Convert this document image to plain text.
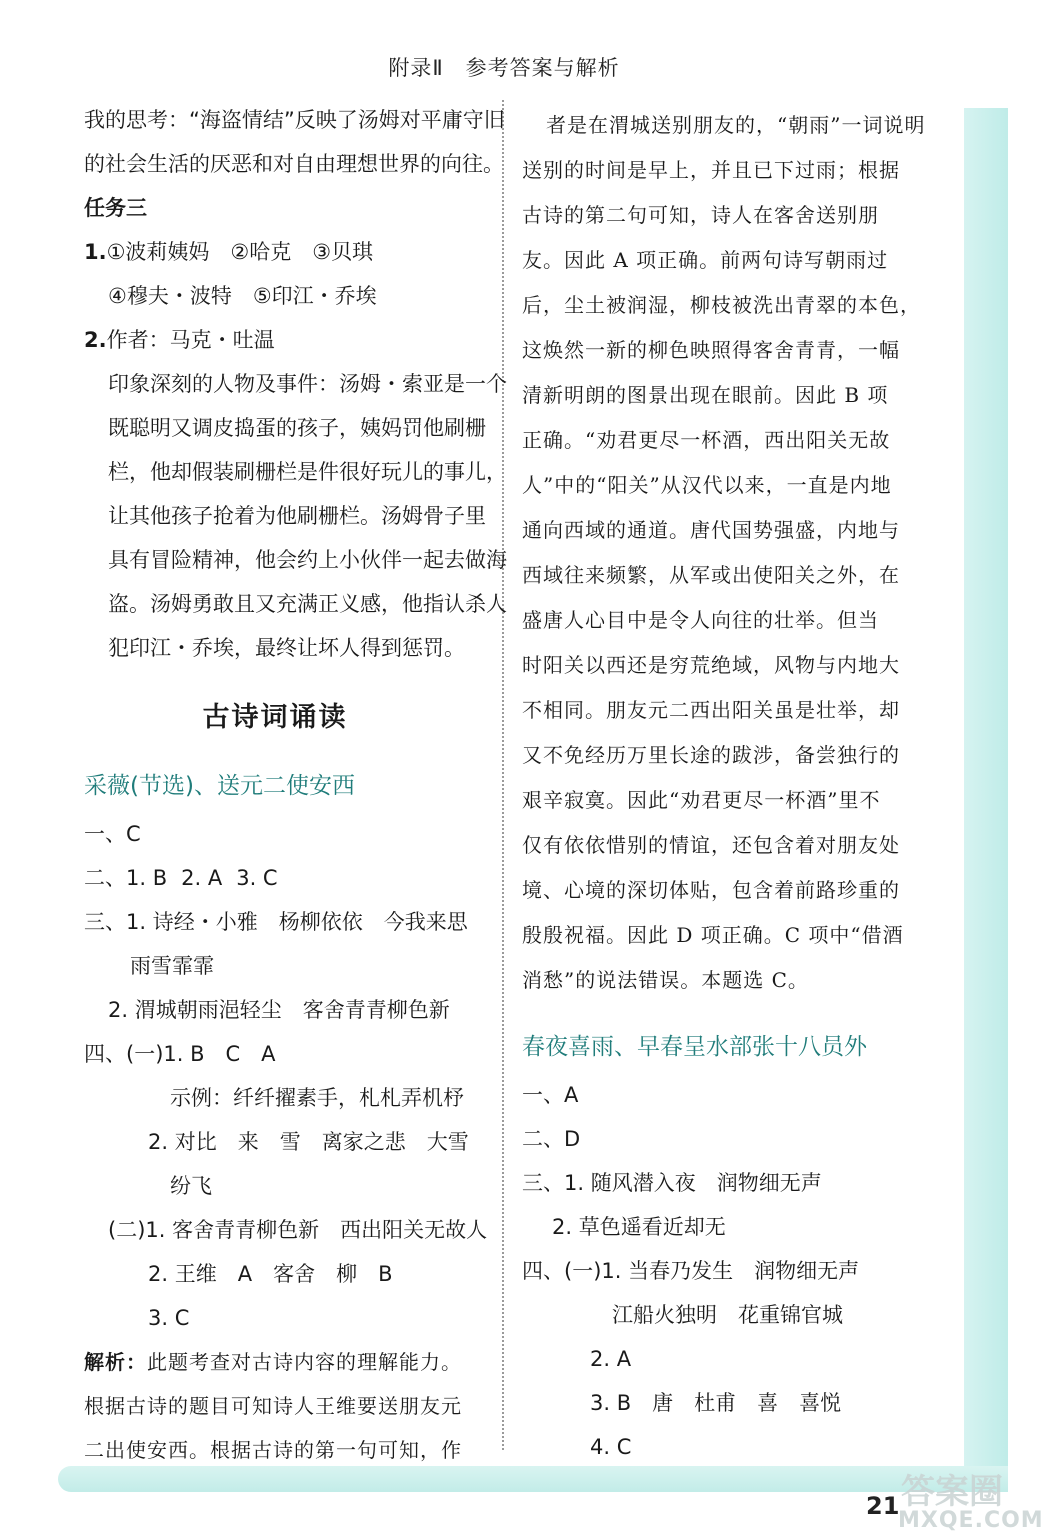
附录Ⅱ 参考答案与解析
我的思考：“海盗情结”反映了汤姆对平庸守旧
的社会生活的厌恶和对自由理想世界的向往。
任务三
1.①波莉姨妈　②哈克　③贝琪
④穆夫・波特　⑤印江・乔埃
2.作者：马克・吐温
印象深刻的人物及事件：汤姆・索亚是一个
既聪明又调皮捣蛋的孩子，姨妈罚他刷栅
栏，他却假装刷栅栏是件很好玩儿的事儿，
让其他孩子抢着为他刷栅栏。汤姆骨子里
具有冒险精神，他会约上小伙伴一起去做海
盗。汤姆勇敢且又充满正义感，他指认杀人
犯印江・乔埃，最终让坏人得到惩罚。
古诗词诵读
采薇(节选)、送元二使安西
一、C
二、1. B 2. A 3. C
三、1. 诗经・小雅　杨柳依依　今我来思
雨雪霏霏
2. 渭城朝雨浥轻尘　客舍青青柳色新
四、(一)1. B　C　A
示例：纤纤擢素手，札札弄机杼
2. 对比　来　雪　离家之悲　大雪
纷飞
(二)1. 客舍青青柳色新　西出阳关无故人
2. 王维　A　客舍　柳　B
3. C
解析：此题考查对古诗内容的理解能力。
根据古诗的题目可知诗人王维要送朋友元
二出使安西。根据古诗的第一句可知，作
者是在渭城送别朋友的，“朝雨”一词说明
送别的时间是早上，并且已下过雨；根据
古诗的第二句可知，诗人在客舍送别朋
友。因此 A 项正确。前两句诗写朝雨过
后，尘土被润湿，柳枝被洗出青翠的本色，
这焕然一新的柳色映照得客舍青青，一幅
清新明朗的图景出现在眼前。因此 B 项
正确。“劝君更尽一杯酒，西出阳关无故
人”中的“阳关”从汉代以来，一直是内地
通向西域的通道。唐代国势强盛，内地与
西域往来频繁，从军或出使阳关之外，在
盛唐人心目中是令人向往的壮举。但当
时阳关以西还是穷荒绝域，风物与内地大
不相同。朋友元二西出阳关虽是壮举，却
又不免经历万里长途的跋涉，备尝独行的
艰辛寂寞。因此“劝君更尽一杯酒”里不
仅有依依惜别的情谊，还包含着对朋友处
境、心境的深切体贴，包含着前路珍重的
殷殷祝福。因此 D 项正确。C 项中“借酒
消愁”的说法错误。本题选 C。
春夜喜雨、早春呈水部张十八员外
一、A
二、D
三、1. 随风潜入夜　润物细无声
2. 草色遥看近却无
四、(一)1. 当春乃发生　润物细无声
江船火独明　花重锦官城
2. A
3. B　唐　杜甫　喜　喜悦
4. C
21 答案圈
MXQE.COM
